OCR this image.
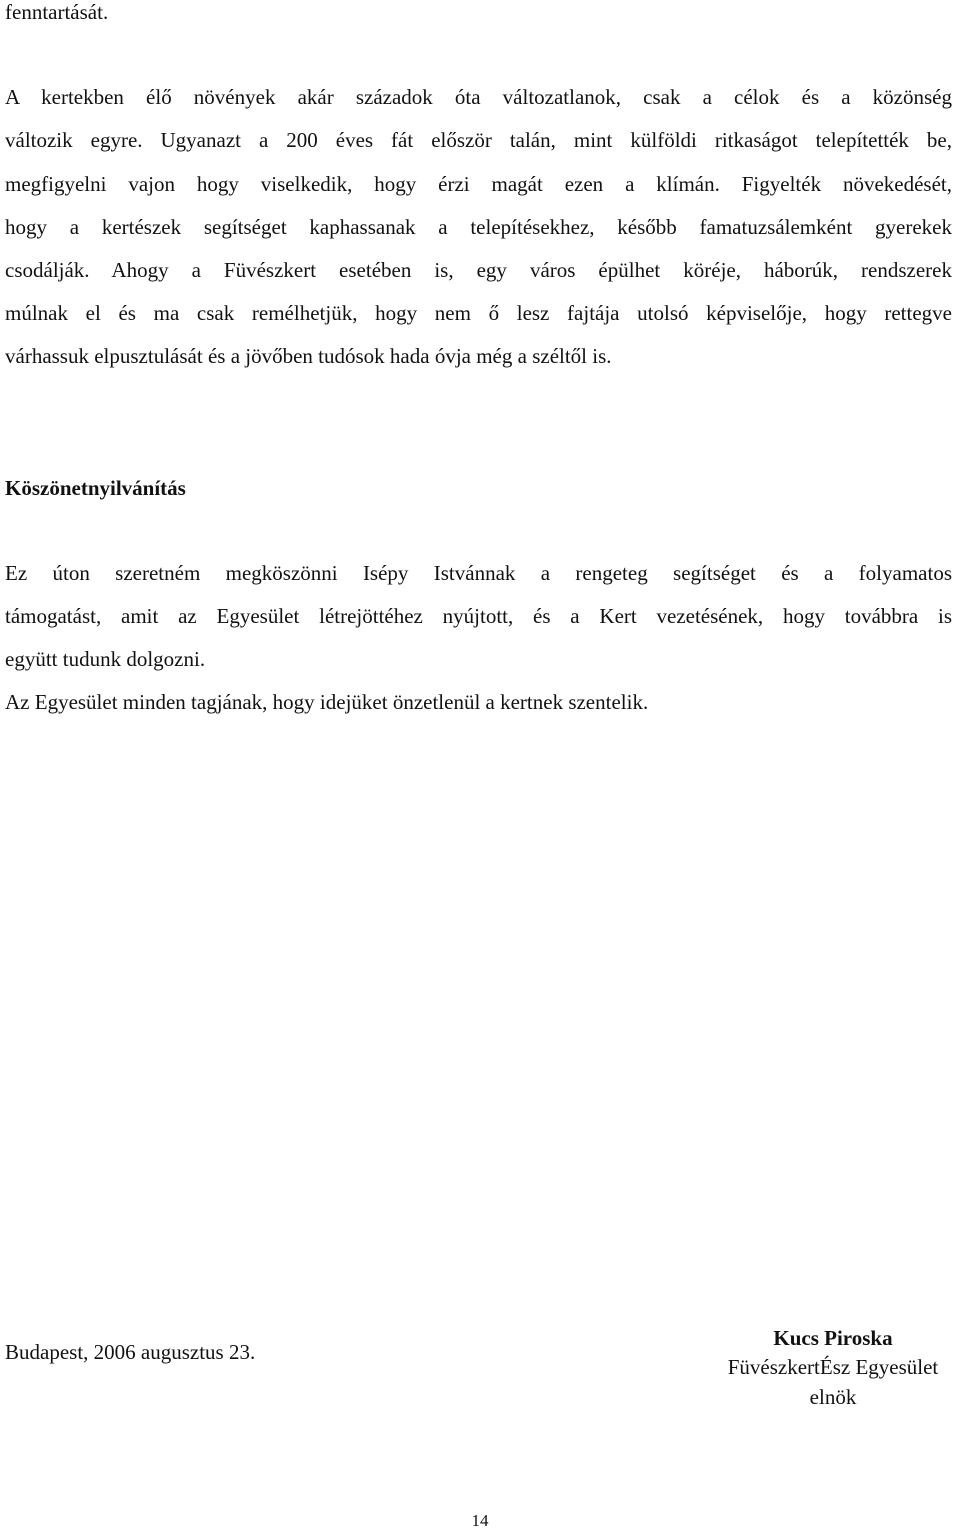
fenntartását.
A kertekben élő növények akár századok óta változatlanok, csak a célok és a közönség
változik egyre. Ugyanazt a 200 éves fát először talán, mint külföldi ritkaságot telepítették be,
megfigyelni vajon hogy viselkedik, hogy érzi magát ezen a klímán. Figyelték növekedését,
hogy a kertészek segítséget kaphassanak a telepítésekhez, később famatuzsálemként gyerekek
csodálják. Ahogy a Füvészkert esetében is, egy város épülhet köréje, háborúk, rendszerek
múlnak el és ma csak remélhetjük, hogy nem ő lesz fajtája utolsó képviselője, hogy rettegve
várhassuk elpusztulását és a jövőben tudósok hada óvja még a széltől is.
Köszönetnyilvánítás
Ez úton szeretném megköszönni Isépy Istvánnak a rengeteg segítséget és a folyamatos
támogatást, amit az Egyesület létrejöttéhez nyújtott, és a Kert vezetésének, hogy továbbra is
együtt tudunk dolgozni.
Az Egyesület minden tagjának, hogy idejüket önzetlenül a kertnek szentelik.
Budapest, 2006 augusztus 23.
Kucs Piroska
FüvészkertÉsz Egyesület
elnök
14
